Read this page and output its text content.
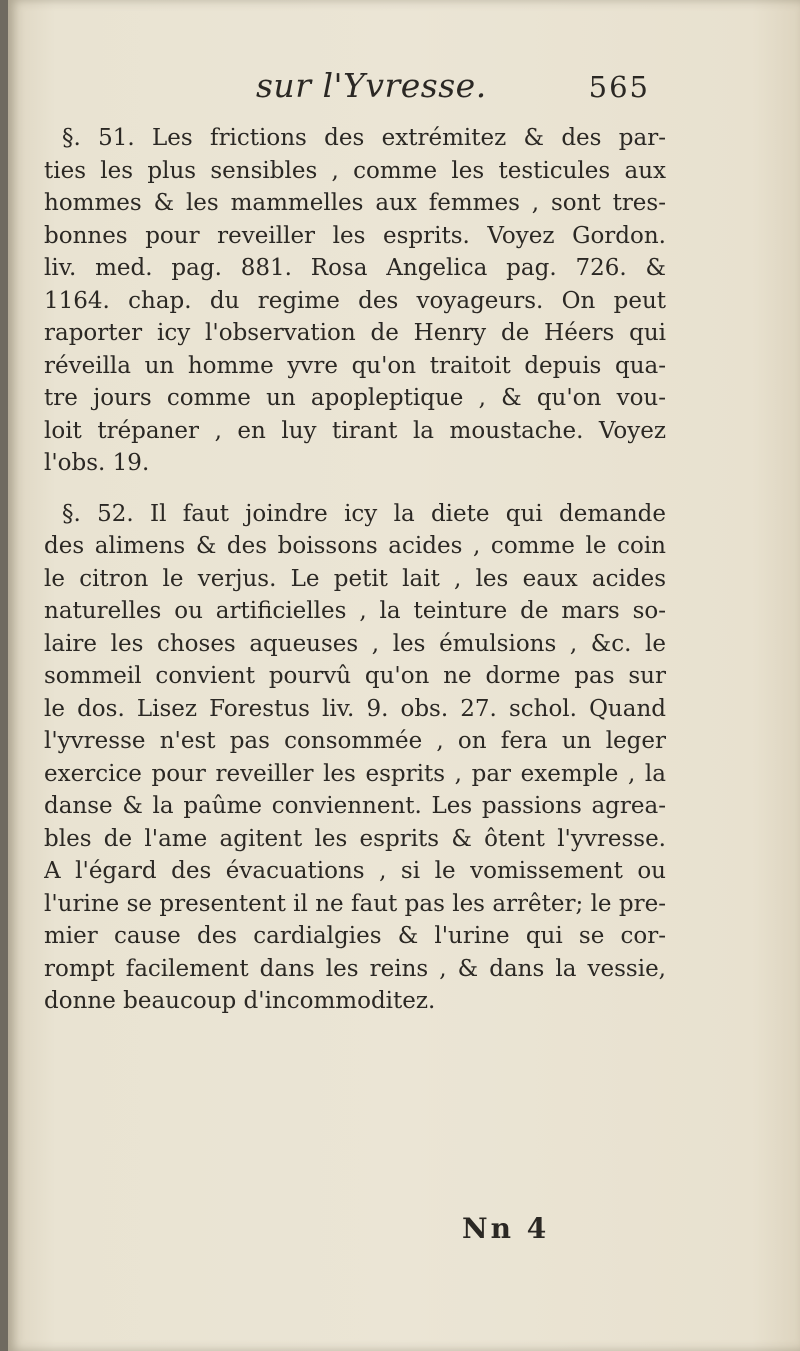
sur l'Yvresse.	565
§. 51. Les frictions des extrémitez & des par-
ties les plus sensibles , comme les testicules aux
hommes & les mammelles aux femmes , sont tres-
bonnes pour reveiller les esprits. Voyez Gordon.
liv. med. pag. 881. Rosa Angelica pag. 726. &
1164. chap. du regime des voyageurs. On peut
raporter icy l'observation de Henry de Héers qui
réveilla un homme yvre qu'on traitoit depuis qua-
tre jours comme un apopleptique , & qu'on vou-
loit trépaner , en luy tirant la moustache. Voyez
l'obs. 19.
§. 52. Il faut joindre icy la diete qui demande
des alimens & des boissons acides , comme le coin
le citron le verjus. Le petit lait , les eaux acides
naturelles ou artificielles , la teinture de mars so-
laire les choses aqueuses , les émulsions , &c. le
sommeil convient pourvû qu'on ne dorme pas sur
le dos. Lisez Forestus liv. 9. obs. 27. schol. Quand
l'yvresse n'est pas consommée , on fera un leger
exercice pour reveiller les esprits , par exemple , la
danse & la paûme conviennent. Les passions agrea-
bles de l'ame agitent les esprits & ôtent l'yvresse.
A l'égard des évacuations , si le vomissement ou
l'urine se presentent il ne faut pas les arrêter; le pre-
mier cause des cardialgies & l'urine qui se cor-
rompt facilement dans les reins , & dans la vessie,
donne beaucoup d'incommoditez.
Nn 4
